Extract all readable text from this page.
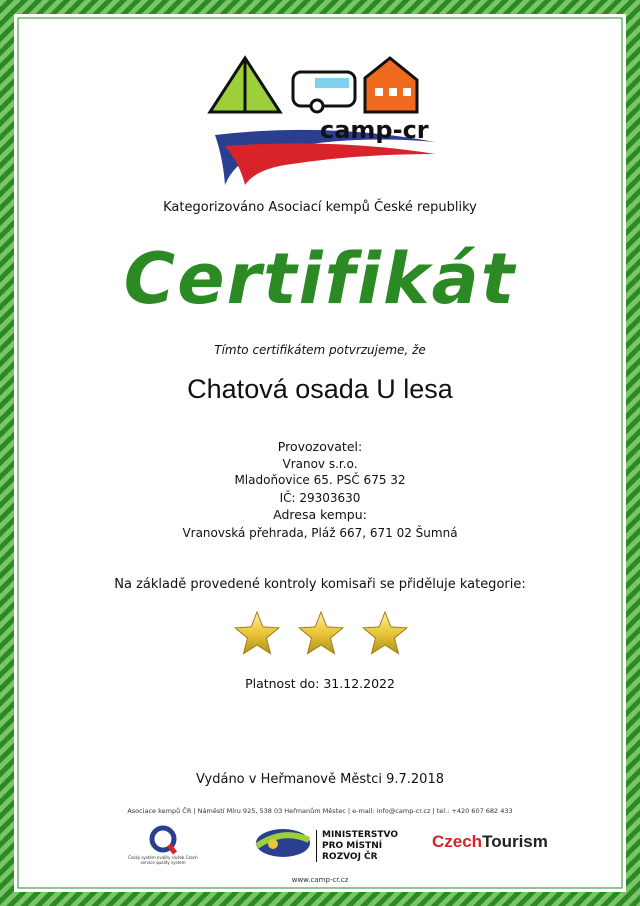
camp-cr
Kategorizováno Asociací kempů České republiky
Certifikát
Tímto certifikátem potvrzujeme, že
Chatová osada U lesa
Provozovatel:
Vranov s.r.o.
Mladoňovice 65. PSČ 675 32
IČ: 29303630
Adresa kempu:
Vranovská přehrada, Pláž 667, 671 02 Šumná
Na základě provedené kontroly komisaři se přiděluje kategorie:
Platnost do: 31.12.2022
Vydáno v Heřmanově Městci 9.7.2018
Asociace kempů ČR | Náměstí Míru 925, 538 03 Heřmanům Městec | e-mail: info@camp-cr.cz | tel.: +420 607 682 433
Český systém kvality služeb Czech service quality system
MINISTERSTVO
PRO MÍSTNÍ
ROZVOJ ČR
CzechTourism
www.camp-cr.cz
